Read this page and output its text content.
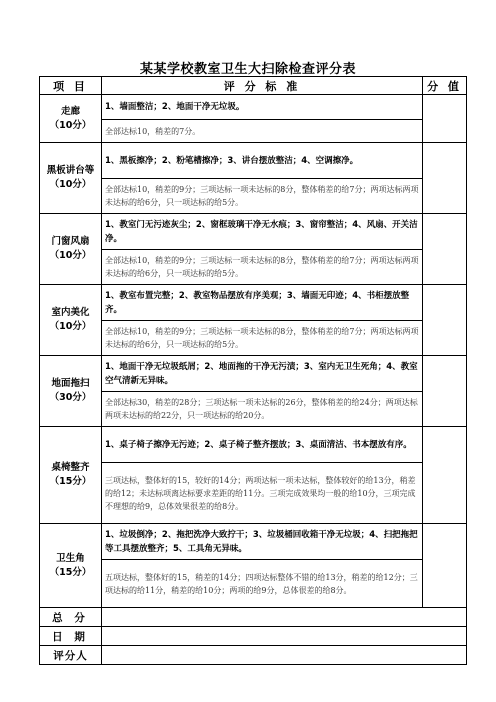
某某学校教室卫生大扫除检查评分表
项 目	评 分 标 准	分 值

走廊
（10分）	1、墙面整洁；2、地面干净无垃圾。	
	全部达标10，稍差的7分。	

黑板讲台等
（10分）	1、黑板擦净；2、粉笔槽擦净；3、讲台摆放整洁；4、空调擦净。	
	全部达标10，稍差的9分；三项达标一项未达标的8分，整体稍差的给7分；两项达标两项未达标的给6分，只一项达标的给5分。	

门窗风扇
（10分）	1、教室门无污迹灰尘；2、窗框玻璃干净无水痕；3、窗帘整洁；4、风扇、开关洁净。	
	全部达标10，稍差的9分；三项达标一项未达标的8分，整体稍差的给7分；两项达标两项未达标的给6分，只一项达标的给5分。	

室内美化
（10分）	1、教室布置完整；2、教室物品摆放有序美观；3、墙面无印迹；4、书柜摆放整齐。	
	全部达标10，稍差的9分；三项达标一项未达标的8分，整体稍差的给7分；两项达标两项未达标的给6分，只一项达标的给5分。	

地面拖扫
（30分）	1、地面干净无垃圾纸屑；2、地面拖的干净无污渍；3、室内无卫生死角；4、教室空气清新无异味。	
	全部达标30，稍差的28分；三项达标一项未达标的26分，整体稍差的给24分；两项达标两项未达标的给22分，只一项达标的给20分。	

桌椅整齐
（15分）	1、桌子椅子擦净无污迹；2、桌子椅子整齐摆放；3、桌面清洁、书本摆放有序。	
	三项达标，整体好的15，较好的14分；两项达标一项未达标，整体较好的给13分，稍差的给12；未达标项离达标要求差距的给11分。三项完成效果均一般的给10分，三项完成不理想的给9，总体效果很差的给8分。	

卫生角
（15分）	1、垃圾倒净；2、拖把洗净大致拧干；3、垃圾桶回收箱干净无垃圾；4、扫把拖把等工具摆放整齐；5、工具角无异味。	
	五项达标，整体好的15，稍差的14分；四项达标整体不错的给13分，稍差的给12分；三项达标的给11分，稍差的给10分；两项的给9分，总体很差的给8分。	
总 分		
日 期		
评分人		
